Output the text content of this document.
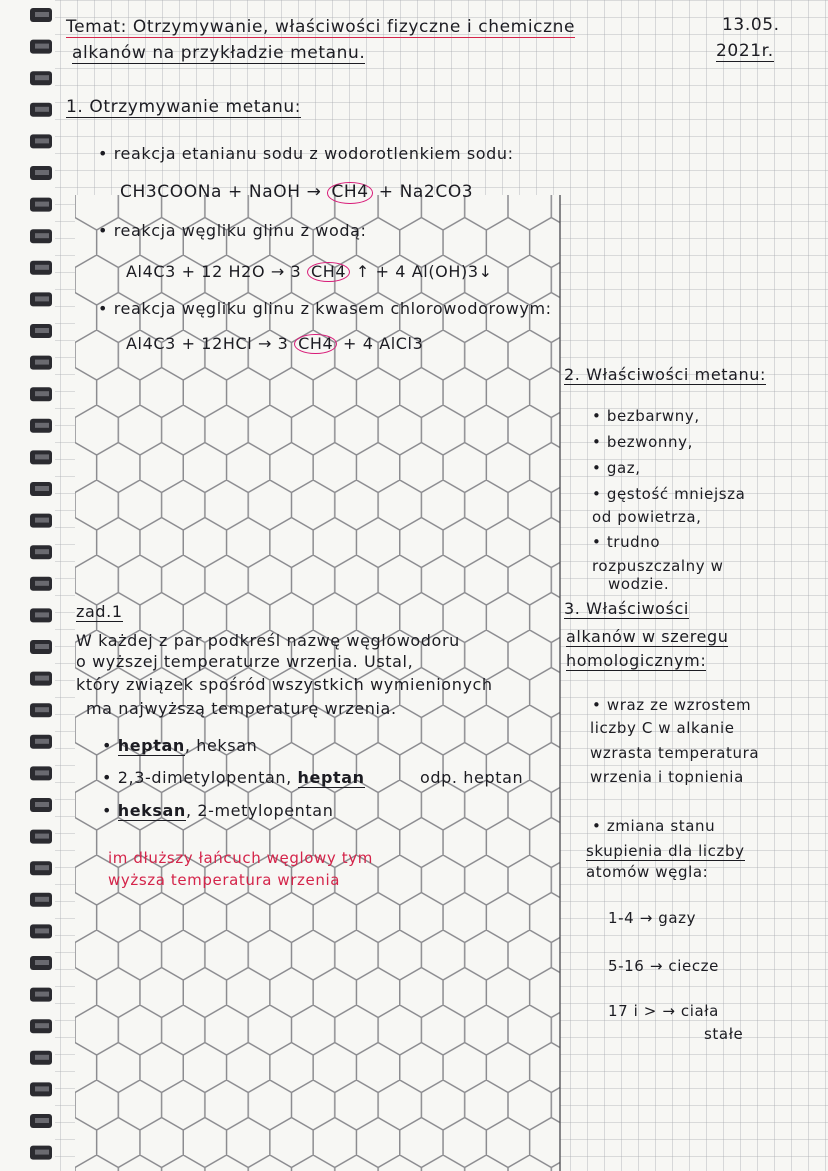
Temat: Otrzymywanie, właściwości fizyczne i chemiczne
alkanów na przykładzie metanu.
13.05.
2021r.
1. Otrzymywanie metanu:
• reakcja etanianu sodu z wodorotlenkiem sodu:
CH3COONa + NaOH → CH4 + Na2CO3
• reakcja węgliku glinu z wodą:
Al4C3 + 12 H2O → 3 CH4 ↑ + 4 Al(OH)3↓
• reakcja węgliku glinu z kwasem chlorowodorowym:
Al4C3 + 12HCl → 3 CH4 + 4 AlCl3
2. Właściwości metanu:
• bezbarwny,
• bezwonny,
• gaz,
• gęstość mniejsza
od powietrza,
• trudno
rozpuszczalny w
wodzie.
3. Właściwości
alkanów w szeregu
homologicznym:
• wraz ze wzrostem
liczby C w alkanie
wzrasta temperatura
wrzenia i topnienia
• zmiana stanu
skupienia dla liczby
atomów węgla:
1-4 → gazy
5-16 → ciecze
17 i > → ciała
stałe
zad.1
W każdej z par podkreśl nazwę węglowodoru
o wyższej temperaturze wrzenia. Ustal,
który związek spośród wszystkich wymienionych
ma najwyższą temperaturę wrzenia.
• heptan, heksan
• 2,3-dimetylopentan, heptan	odp. heptan
• heksan, 2-metylopentan
im dłuższy łańcuch węglowy tym
wyższa temperatura wrzenia
